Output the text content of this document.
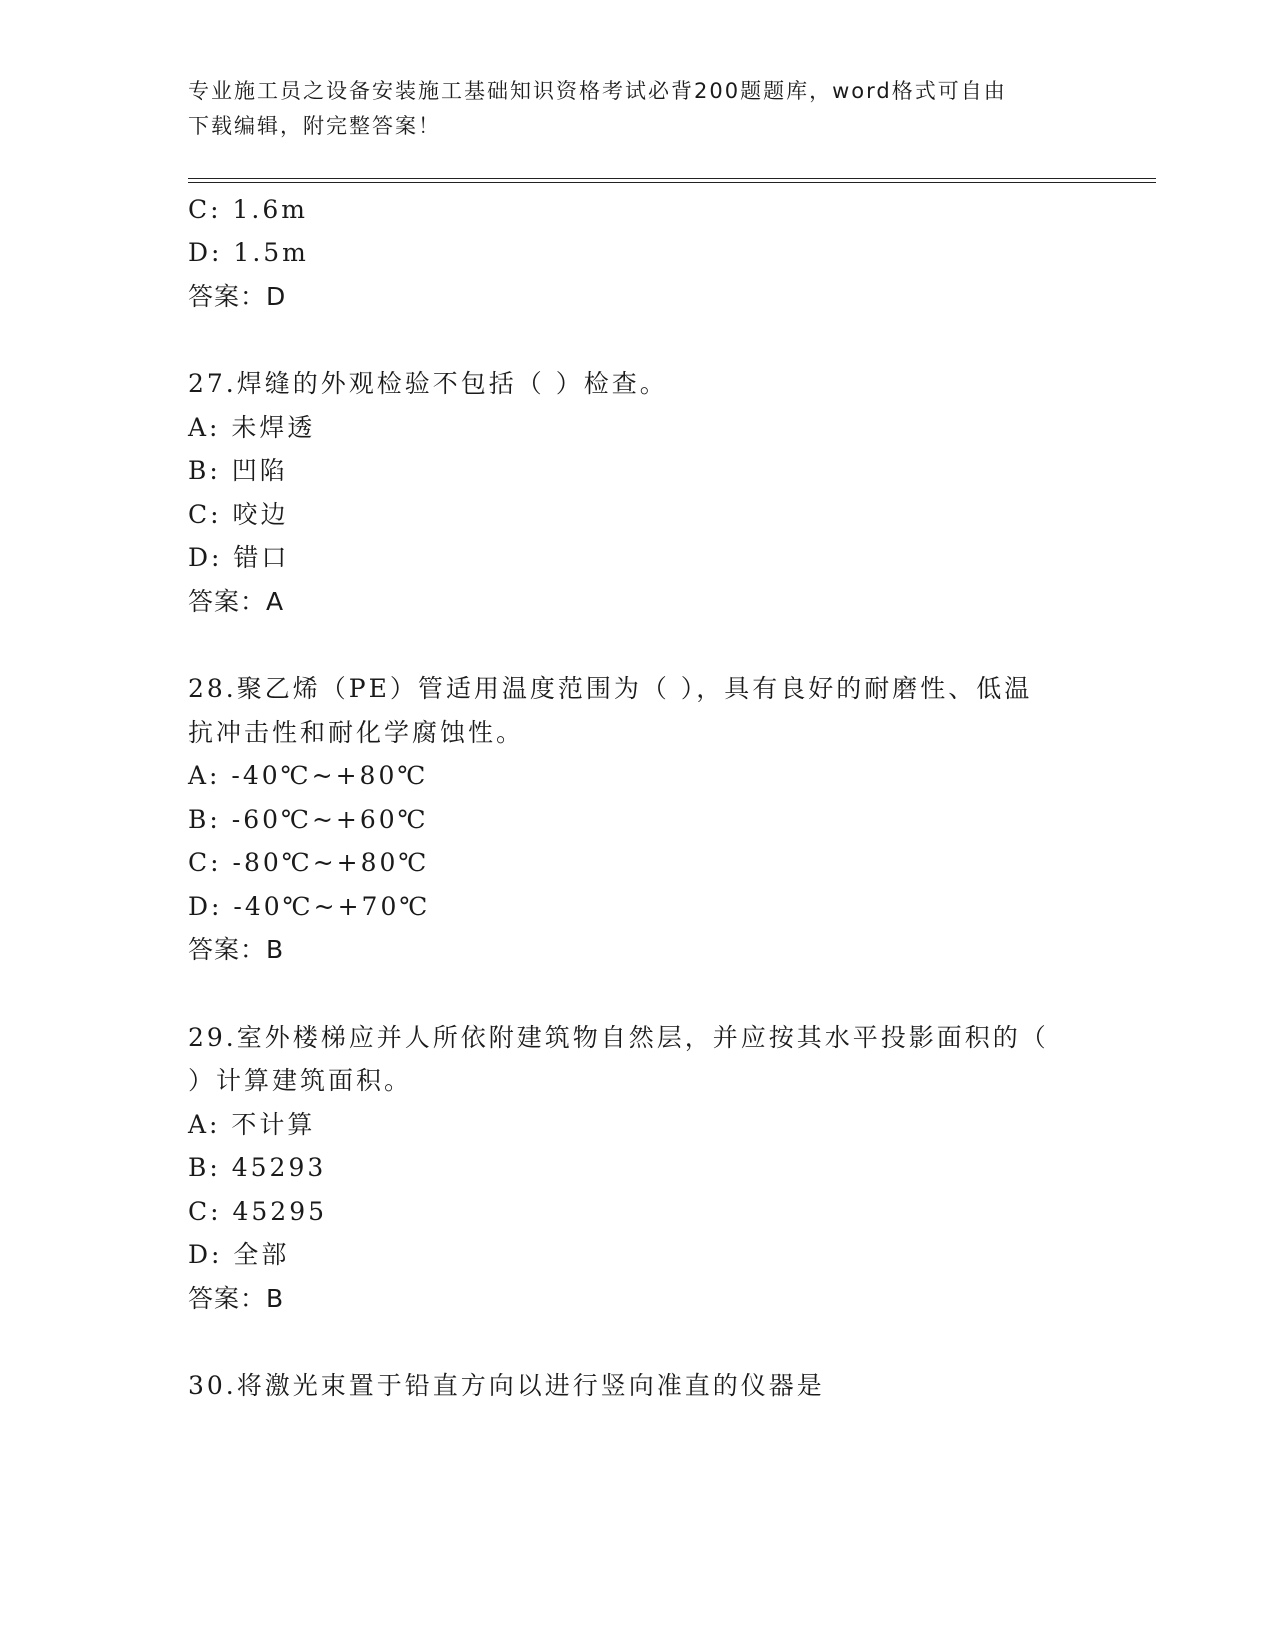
专业施工员之设备安装施工基础知识资格考试必背200题题库，word格式可自由
下载编辑，附完整答案！
C: 1.6m
D: 1.5m
答案：D
27.焊缝的外观检验不包括（ ）检查。
A: 未焊透
B: 凹陷
C: 咬边
D: 错口
答案：A
28.聚乙烯（PE）管适用温度范围为（ ），具有良好的耐磨性、低温
抗冲击性和耐化学腐蚀性。
A: -40℃~+80℃
B: -60℃~+60℃
C: -80℃~+80℃
D: -40℃~+70℃
答案：B
29.室外楼梯应并人所依附建筑物自然层，并应按其水平投影面积的（
）计算建筑面积。
A: 不计算
B: 45293
C: 45295
D: 全部
答案：B
30.将激光束置于铅直方向以进行竖向准直的仪器是
